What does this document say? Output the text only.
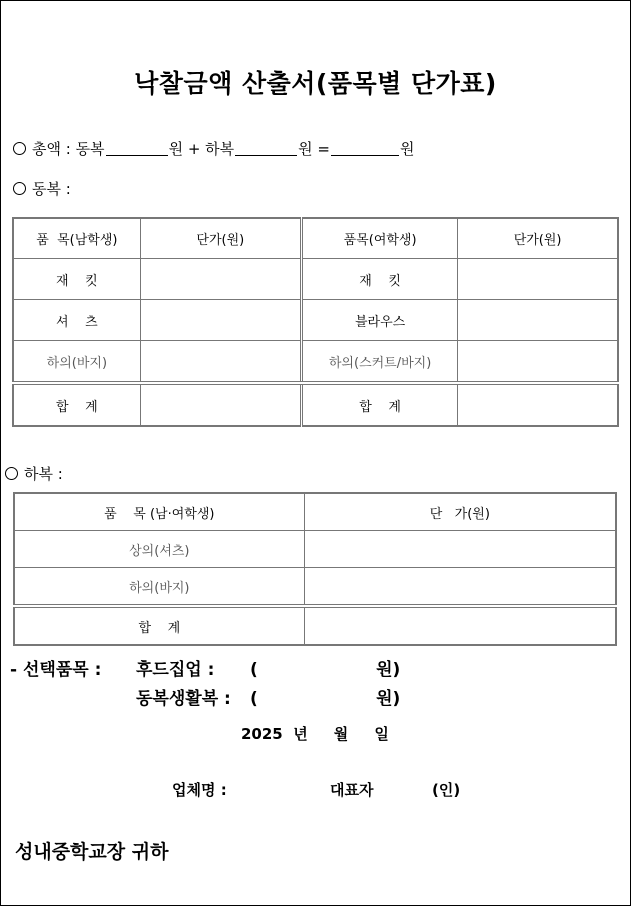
낙찰금액 산출서(품목별 단가표)
총액 : 동복	원 + 하복	원 =	원
동복 :
품  목(남학생)	단가(원)	품목(여학생)	단가(원)
재    킷		재    킷	
셔    츠		블라우스	
하의(바지)		하의(스커트/바지)	
합    계		합    계	
하복 :
품    목 (남·여학생)	단   가(원)
상의(셔츠)	
하의(바지)	
합    계	
- 선택품목 : 후드집업 : (                    원)
동복생활복 : (                    원)
2025  년     월     일
업체명 :	대표자	(인)
성내중학교장 귀하
